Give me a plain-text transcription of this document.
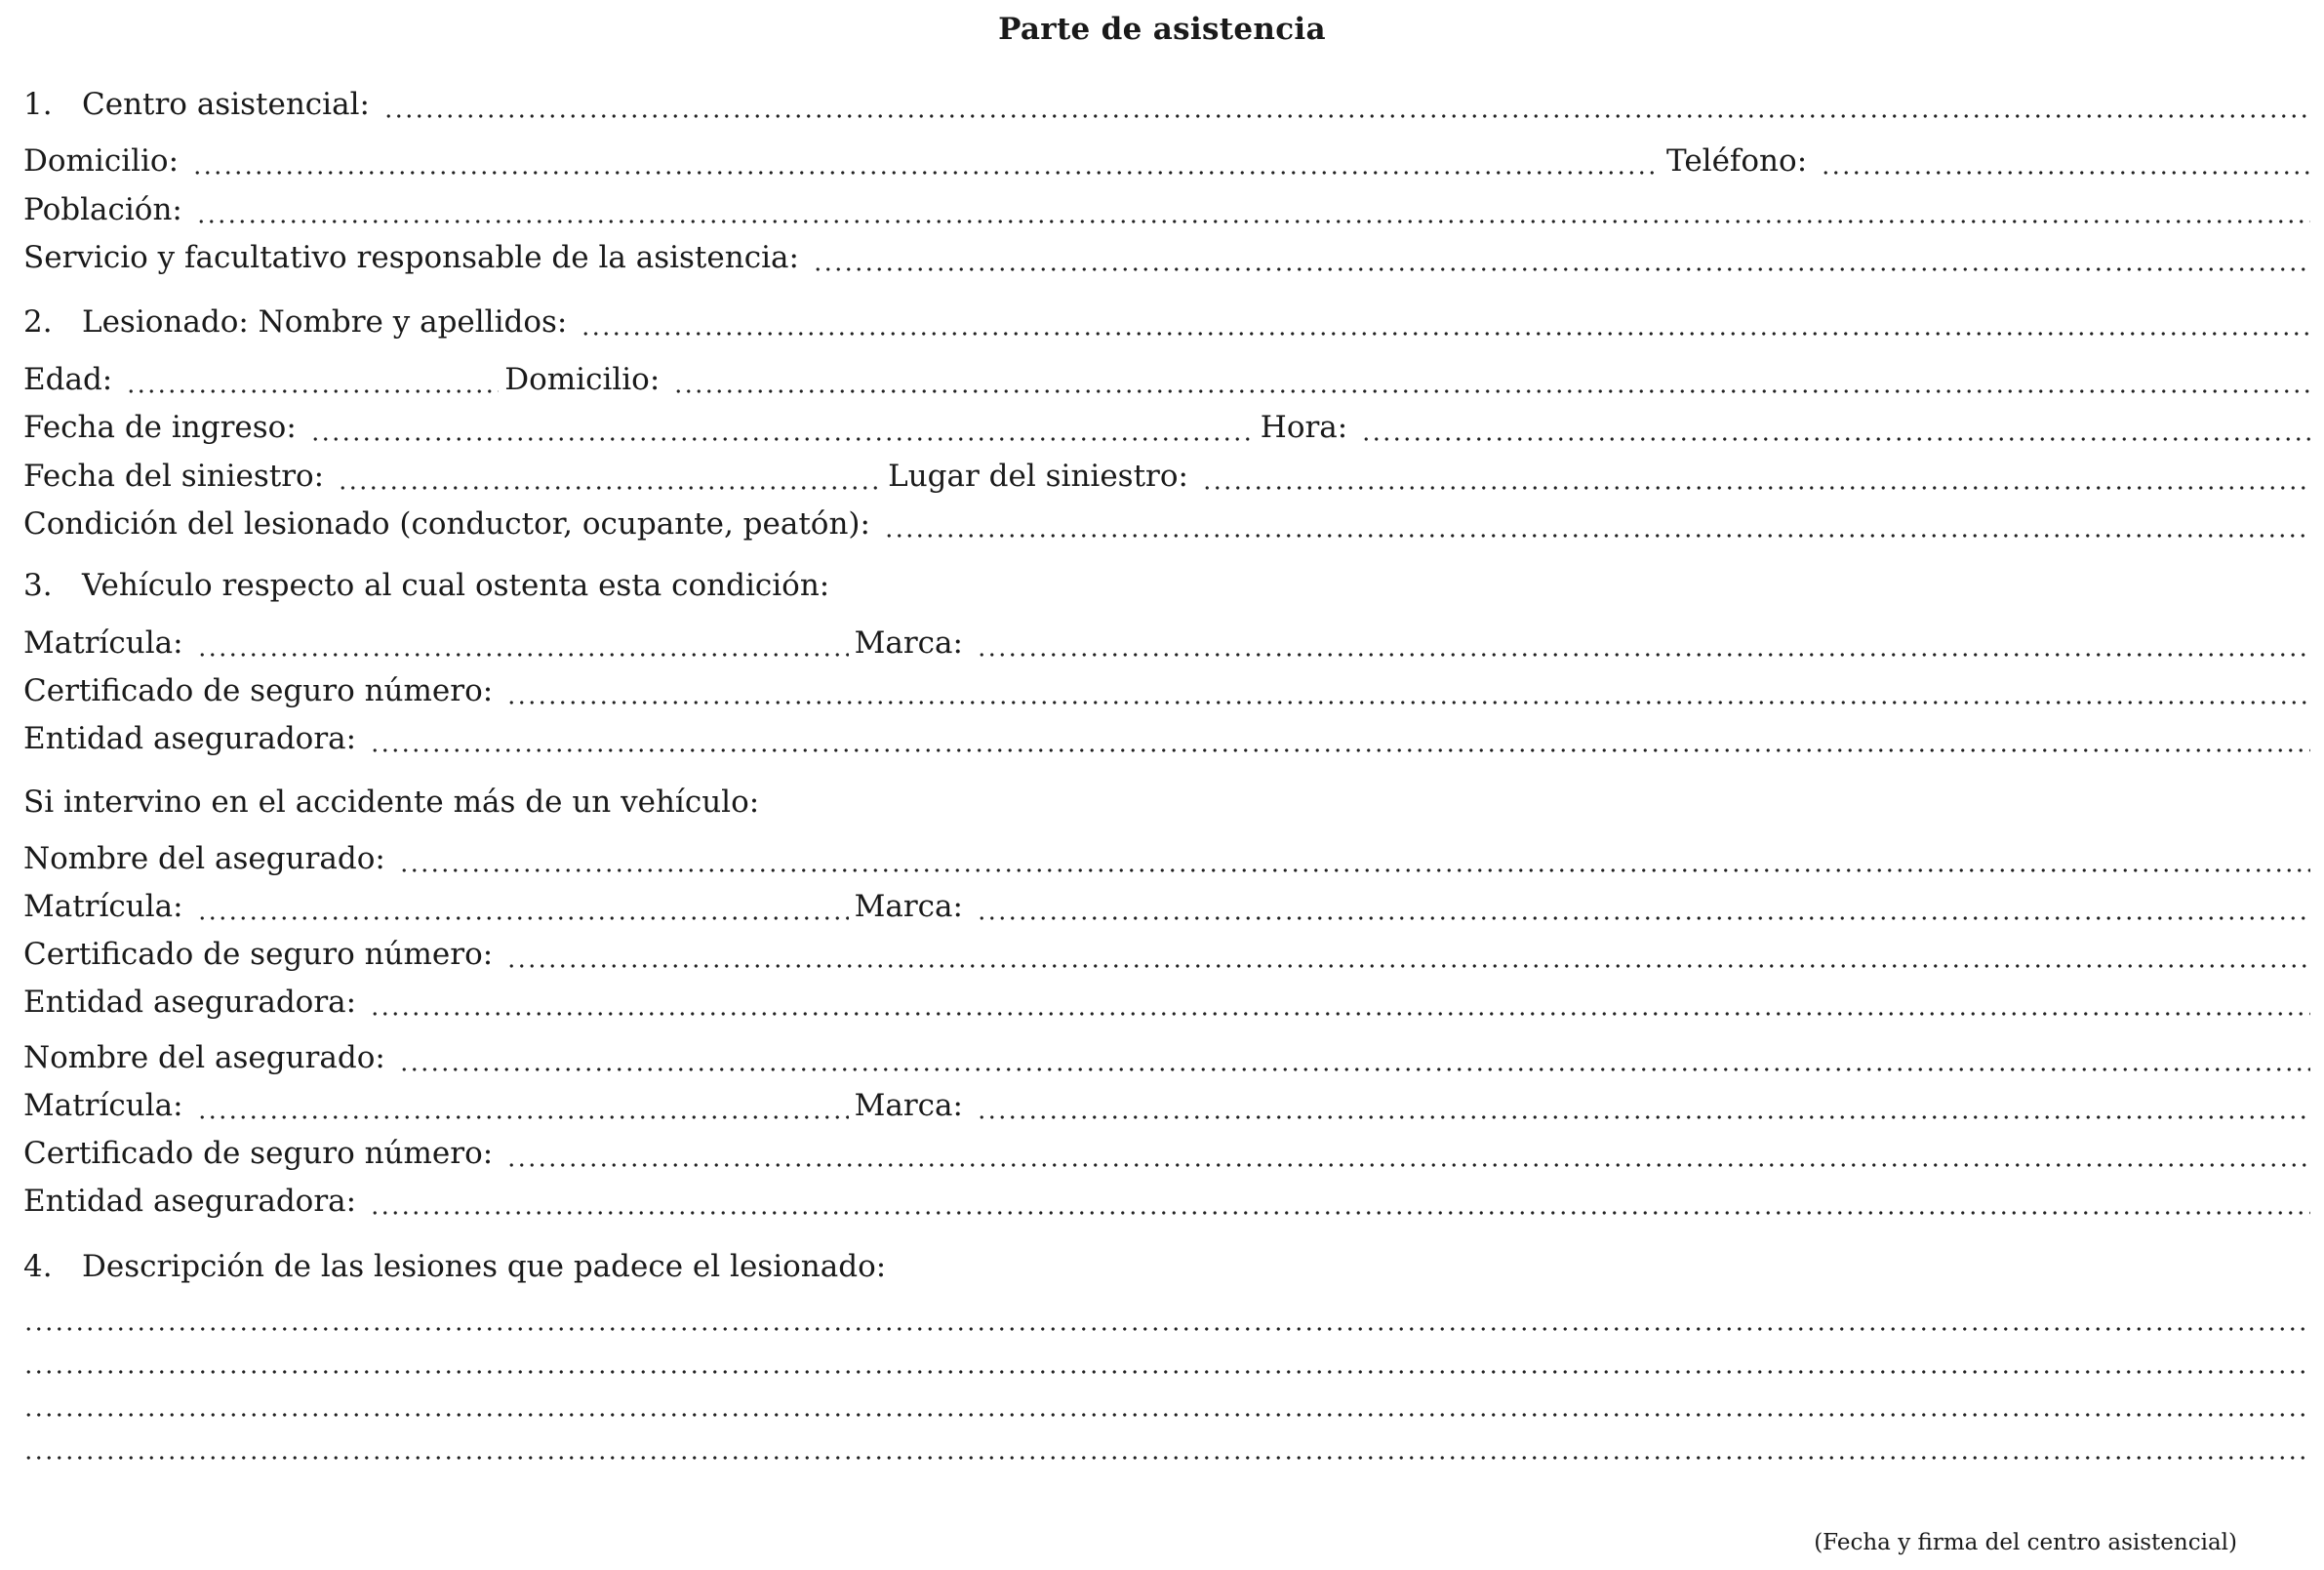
Parte de asistencia
1. Centro asistencial:
Domicilio:	Teléfono:
Población:
Servicio y facultativo responsable de la asistencia:
2. Lesionado: Nombre y apellidos:
Edad:	Domicilio:
Fecha de ingreso:	Hora:
Fecha del siniestro:	Lugar del siniestro:
Condición del lesionado (conductor, ocupante, peatón):
3. Vehículo respecto al cual ostenta esta condición:
Matrícula:	Marca:
Certificado de seguro número:
Entidad aseguradora:
Si intervino en el accidente más de un vehículo:
Nombre del asegurado:
Matrícula:	Marca:
Certificado de seguro número:
Entidad aseguradora:
Nombre del asegurado:
Matrícula:	Marca:
Certificado de seguro número:
Entidad aseguradora:
4. Descripción de las lesiones que padece el lesionado:
(Fecha y firma del centro asistencial)
